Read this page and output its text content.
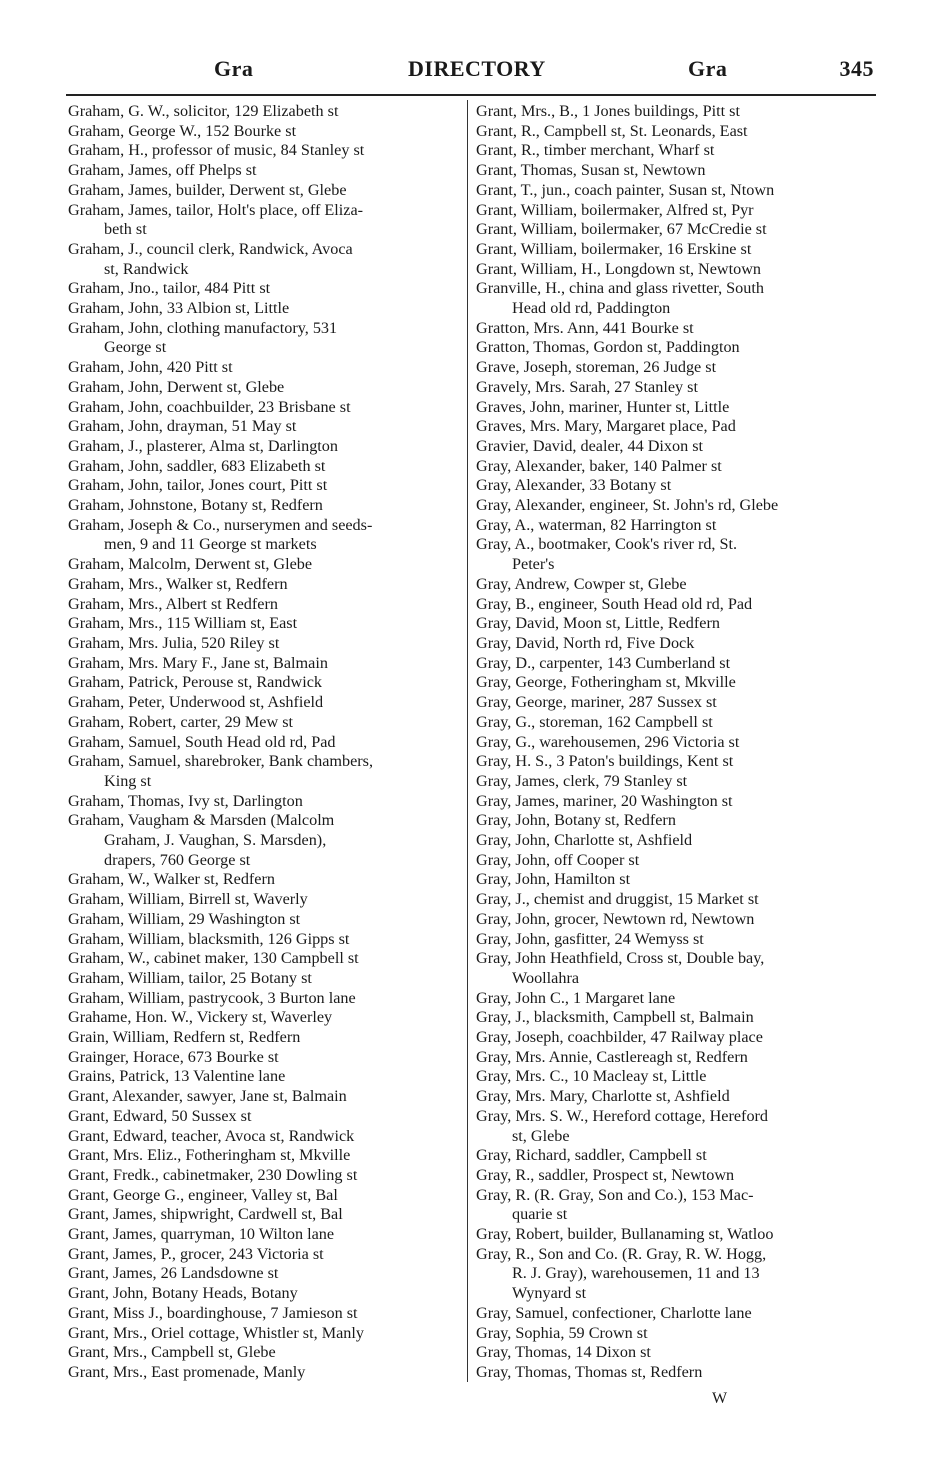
Gra	DIRECTORY	Gra	345
Graham, G. W., solicitor, 129 Elizabeth st
Graham, George W., 152 Bourke st
Graham, H., professor of music, 84 Stanley st
Graham, James, off Phelps st
Graham, James, builder, Derwent st, Glebe
Graham, James, tailor, Holt's place, off Eliza-
beth st
Graham, J., council clerk, Randwick, Avoca
st, Randwick
Graham, Jno., tailor, 484 Pitt st
Graham, John, 33 Albion st, Little
Graham, John, clothing manufactory, 531
George st
Graham, John, 420 Pitt st
Graham, John, Derwent st, Glebe
Graham, John, coachbuilder, 23 Brisbane st
Graham, John, drayman, 51 May st
Graham, J., plasterer, Alma st, Darlington
Graham, John, saddler, 683 Elizabeth st
Graham, John, tailor, Jones court, Pitt st
Graham, Johnstone, Botany st, Redfern
Graham, Joseph & Co., nurserymen and seeds-
men, 9 and 11 George st markets
Graham, Malcolm, Derwent st, Glebe
Graham, Mrs., Walker st, Redfern
Graham, Mrs., Albert st Redfern
Graham, Mrs., 115 William st, East
Graham, Mrs. Julia, 520 Riley st
Graham, Mrs. Mary F., Jane st, Balmain
Graham, Patrick, Perouse st, Randwick
Graham, Peter, Underwood st, Ashfield
Graham, Robert, carter, 29 Mew st
Graham, Samuel, South Head old rd, Pad
Graham, Samuel, sharebroker, Bank chambers,
King st
Graham, Thomas, Ivy st, Darlington
Graham, Vaugham & Marsden (Malcolm
Graham, J. Vaughan, S. Marsden),
drapers, 760 George st
Graham, W., Walker st, Redfern
Graham, William, Birrell st, Waverly
Graham, William, 29 Washington st
Graham, William, blacksmith, 126 Gipps st
Graham, W., cabinet maker, 130 Campbell st
Graham, William, tailor, 25 Botany st
Graham, William, pastrycook, 3 Burton lane
Grahame, Hon. W., Vickery st, Waverley
Grain, William, Redfern st, Redfern
Grainger, Horace, 673 Bourke st
Grains, Patrick, 13 Valentine lane
Grant, Alexander, sawyer, Jane st, Balmain
Grant, Edward, 50 Sussex st
Grant, Edward, teacher, Avoca st, Randwick
Grant, Mrs. Eliz., Fotheringham st, Mkville
Grant, Fredk., cabinetmaker, 230 Dowling st
Grant, George G., engineer, Valley st, Bal
Grant, James, shipwright, Cardwell st, Bal
Grant, James, quarryman, 10 Wilton lane
Grant, James, P., grocer, 243 Victoria st
Grant, James, 26 Landsdowne st
Grant, John, Botany Heads, Botany
Grant, Miss J., boardinghouse, 7 Jamieson st
Grant, Mrs., Oriel cottage, Whistler st, Manly
Grant, Mrs., Campbell st, Glebe
Grant, Mrs., East promenade, Manly
Grant, Mrs., B., 1 Jones buildings, Pitt st
Grant, R., Campbell st, St. Leonards, East
Grant, R., timber merchant, Wharf st
Grant, Thomas, Susan st, Newtown
Grant, T., jun., coach painter, Susan st, Ntown
Grant, William, boilermaker, Alfred st, Pyr
Grant, William, boilermaker, 67 McCredie st
Grant, William, boilermaker, 16 Erskine st
Grant, William, H., Longdown st, Newtown
Granville, H., china and glass rivetter, South
Head old rd, Paddington
Gratton, Mrs. Ann, 441 Bourke st
Gratton, Thomas, Gordon st, Paddington
Grave, Joseph, storeman, 26 Judge st
Gravely, Mrs. Sarah, 27 Stanley st
Graves, John, mariner, Hunter st, Little
Graves, Mrs. Mary, Margaret place, Pad
Gravier, David, dealer, 44 Dixon st
Gray, Alexander, baker, 140 Palmer st
Gray, Alexander, 33 Botany st
Gray, Alexander, engineer, St. John's rd, Glebe
Gray, A., waterman, 82 Harrington st
Gray, A., bootmaker, Cook's river rd, St.
Peter's
Gray, Andrew, Cowper st, Glebe
Gray, B., engineer, South Head old rd, Pad
Gray, David, Moon st, Little, Redfern
Gray, David, North rd, Five Dock
Gray, D., carpenter, 143 Cumberland st
Gray, George, Fotheringham st, Mkville
Gray, George, mariner, 287 Sussex st
Gray, G., storeman, 162 Campbell st
Gray, G., warehousemen, 296 Victoria st
Gray, H. S., 3 Paton's buildings, Kent st
Gray, James, clerk, 79 Stanley st
Gray, James, mariner, 20 Washington st
Gray, John, Botany st, Redfern
Gray, John, Charlotte st, Ashfield
Gray, John, off Cooper st
Gray, John, Hamilton st
Gray, J., chemist and druggist, 15 Market st
Gray, John, grocer, Newtown rd, Newtown
Gray, John, gasfitter, 24 Wemyss st
Gray, John Heathfield, Cross st, Double bay,
Woollahra
Gray, John C., 1 Margaret lane
Gray, J., blacksmith, Campbell st, Balmain
Gray, Joseph, coachbilder, 47 Railway place
Gray, Mrs. Annie, Castlereagh st, Redfern
Gray, Mrs. C., 10 Macleay st, Little
Gray, Mrs. Mary, Charlotte st, Ashfield
Gray, Mrs. S. W., Hereford cottage, Hereford
st, Glebe
Gray, Richard, saddler, Campbell st
Gray, R., saddler, Prospect st, Newtown
Gray, R. (R. Gray, Son and Co.), 153 Mac-
quarie st
Gray, Robert, builder, Bullanaming st, Watloo
Gray, R., Son and Co. (R. Gray, R. W. Hogg,
R. J. Gray), warehousemen, 11 and 13
Wynyard st
Gray, Samuel, confectioner, Charlotte lane
Gray, Sophia, 59 Crown st
Gray, Thomas, 14 Dixon st
Gray, Thomas, Thomas st, Redfern
W
